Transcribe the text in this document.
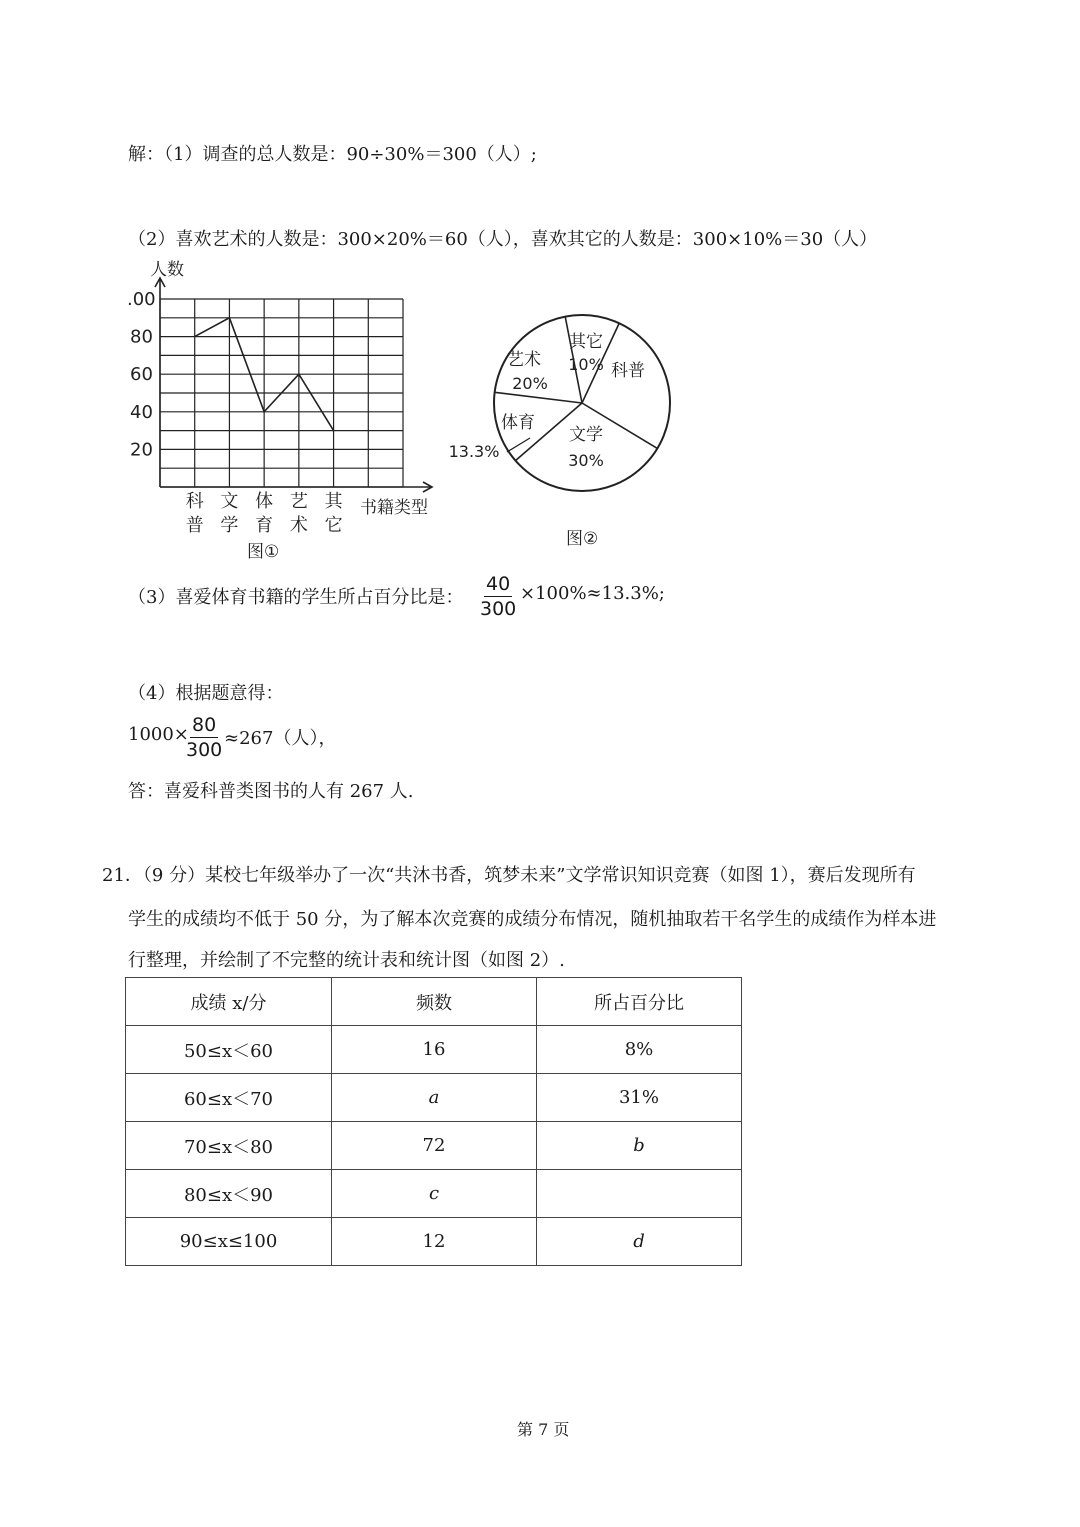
解：（1）调查的总人数是：90÷30%＝300（人）;
（2）喜欢艺术的人数是：300×20%＝60（人），喜欢其它的人数是：300×10%＝30（人）
.00
80
60
40
20
科
普
文
学
体
育
艺
术
其
它
人数
书籍类型
图①
其它
10% 科普
文学
30%
体育
13.3%
艺术
20%
图②
（3）喜爱体育书籍的学生所占百分比是： $\frac{40}{300} \times 100\%\approx 13.3\%$;
（4）根据题意得：
1000×
$\frac{80}{300} \approx 267$（人），
答：喜爱科普类图书的人有 267 人.
21．（9 分）某校七年级举办了一次“共沐书香，筑梦未来”文学常识知识竞赛（如图 1），赛后发现所有
学生的成绩均不低于 50 分，为了解本次竞赛的成绩分布情况，随机抽取若干名学生的成绩作为样本进
行整理，并绘制了不完整的统计表和统计图（如图 2）.
成绩 x/分	频数	所占百分比
50≤x＜60	16	8%
60≤x＜70	a	31%
70≤x＜80	72	b
80≤x＜90	c	
90≤x≤100	12	d
第 7 页
